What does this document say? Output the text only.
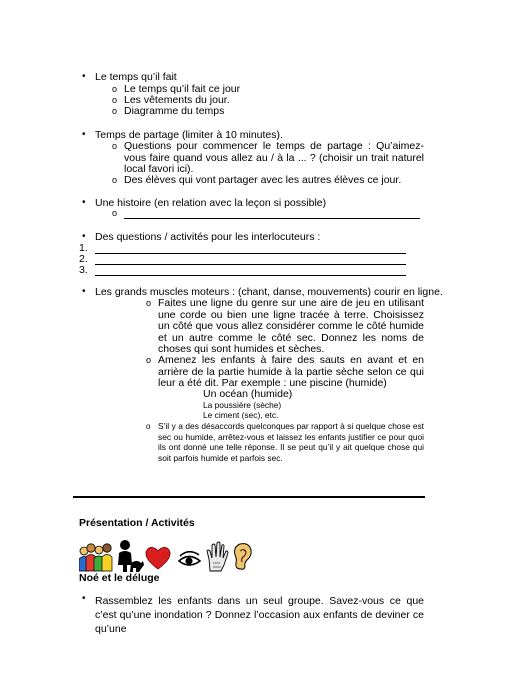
• Le temps qu’il fait
o Le temps qu’il fait ce jour
o Les vêtements du jour.
o Diagramme du temps
• Temps de partage (limiter à 10 minutes).
o Questions pour commencer le temps de partage : Qu’aimez-vous faire quand vous allez au / à la ... ? (choisir un trait naturel local favori ici).
o Des élèves qui vont partager avec les autres élèves ce jour.
• Une histoire (en relation avec la leçon si possible)
o
• Des questions / activités pour les interlocuteurs :
1.
2.
3.
• Les grands muscles moteurs : (chant, danse, mouvements) courir en ligne.
o Faites une ligne du genre sur une aire de jeu en utilisant une corde ou bien une ligne tracée à terre. Choisissez un côté que vous allez considérer comme le côté humide et un autre comme le côté sec. Donnez les noms de choses qui sont humides et sèches.
o Amenez les enfants à faire des sauts en avant et en arrière de la partie humide à la partie sèche selon ce qui leur a été dit. Par exemple : une piscine (humide)
Un océan (humide)
La poussière (sèche)
Le ciment (sec), etc.
o S’il y a des désaccords quelconques par rapport à si quelque chose est sec ou humide, arrêtez-vous et laissez les enfants justifier ce pour quoi ils ont donné une telle réponse. Il se peut qu’il y ait quelque chose qui soit parfois humide et parfois sec.
Présentation / Activités
Noé et le déluge
• Rassemblez les enfants dans un seul groupe. Savez-vous ce que c’est qu’une inondation ? Donnez l’occasion aux enfants de deviner ce qu’une
